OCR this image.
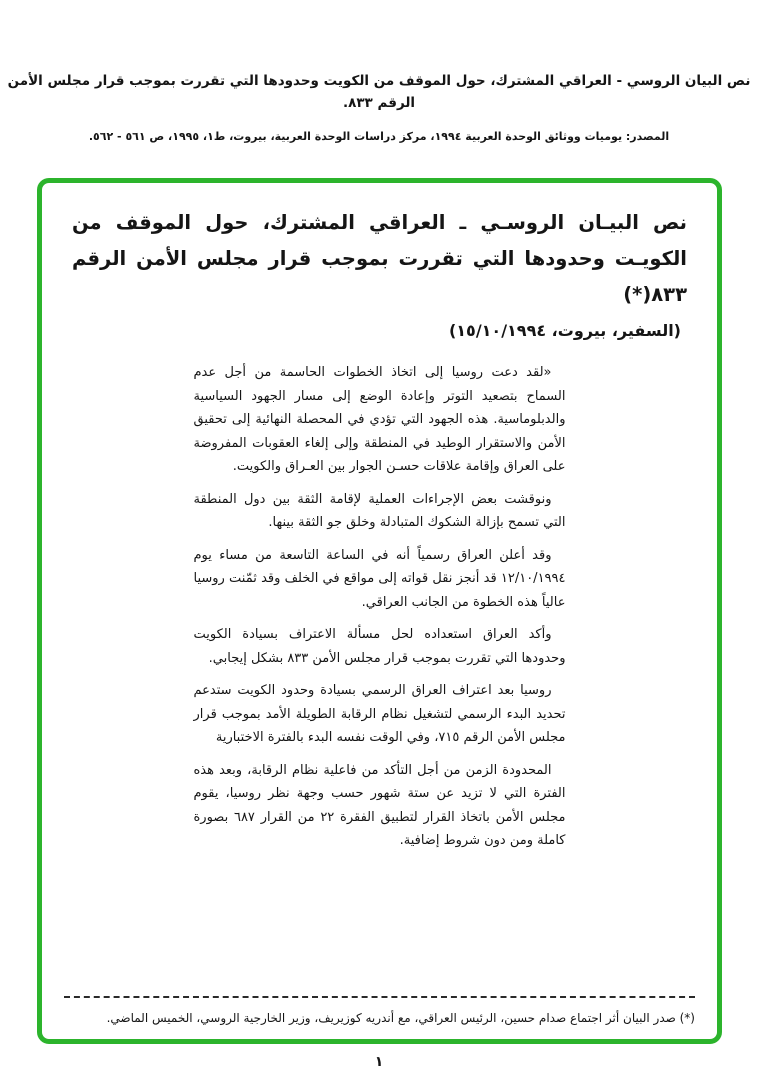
نص البيان الروسي - العراقي المشترك، حول الموقف من الكويت وحدودها التي تقررت بموجب قرار مجلس الأمن
الرقم ٨٣٣.
المصدر: يوميات ووثائق الوحدة العربية ١٩٩٤، مركز دراسات الوحدة العربية، بيروت، ط١، ١٩٩٥، ص ٥٦١ - ٥٦٢.
نص البيـان الروسـي ـ العراقي المشترك، حول الموقف من الكويـت وحدودها التي تقررت بموجب قرار مجلس الأمن الرقم ٨٣٣(*)
(السفير، بيروت، ١٥/١٠/١٩٩٤)

«لقد دعت روسيا إلى اتخاذ الخطوات الحاسمة من أجل عدم السماح بتصعيد التوتر وإعادة الوضع إلى مسار الجهود السياسية والدبلوماسية. هذه الجهود التي تؤدي في المحصلة النهائية إلى تحقيق الأمن والاستقرار الوطيد في المنطقة وإلى إلغاء العقوبات المفروضة على العراق وإقامة علاقات حسـن الجوار بين العـراق والكويت.

ونوقشت بعض الإجراءات العملية لإقامة الثقة بين دول المنطقة التي تسمح بإزالة الشكوك المتبادلة وخلق جو الثقة بينها.

وقد أعلن العراق رسمياً أنه في الساعة التاسعة من مساء يوم ١٢/١٠/١٩٩٤ قد أنجز نقل قواته إلى مواقع في الخلف وقد ثمّنت روسيا عالياً هذه الخطوة من الجانب العراقي.

وأكد العراق استعداده لحل مسألة الاعتراف بسيادة الكويت وحدودها التي تقررت بموجب قرار مجلس الأمن ٨٣٣ بشكل إيجابي.

روسيا بعد اعتراف العراق الرسمي بسيادة وحدود الكويت ستدعم تحديد البدء الرسمي لتشغيل نظام الرقابة الطويلة الأمد بموجب قرار مجلس الأمن الرقم ٧١٥، وفي الوقت نفسه البدء بالفترة الاختبارية

المحدودة الزمن من أجل التأكد من فاعلية نظام الرقابة، وبعد هذه الفترة التي لا تزيد عن ستة شهور حسب وجهة نظر روسيا، يقوم مجلس الأمن باتخاذ القرار لتطبيق الفقرة ٢٢ من القرار ٦٨٧ بصورة كاملة ومن دون شروط إضافية.

(*) صدر البيان أثر اجتماع صدام حسين، الرئيس العراقي، مع أندريه كوزيريف، وزير الخارجية الروسي، الخميس الماضي.
١
